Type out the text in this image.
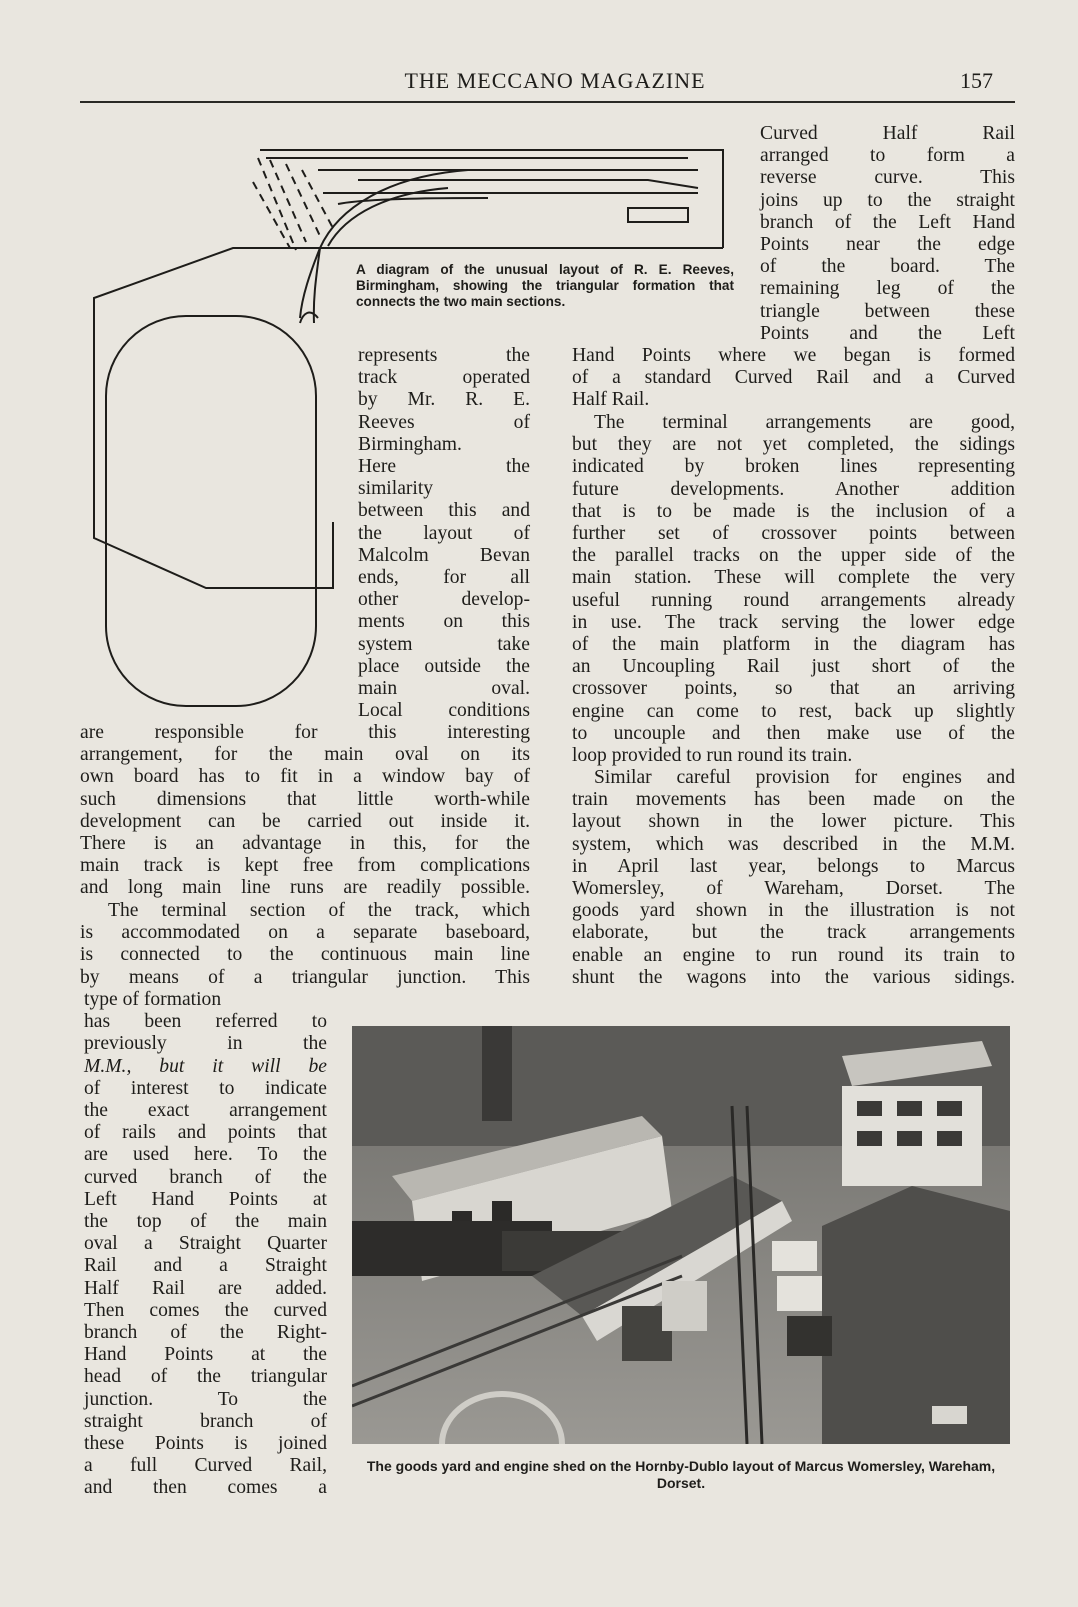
THE MECCANO MAGAZINE	157
A diagram of the unusual layout of R. E. Reeves, Birmingham, showing the triangular formation that connects the two main sections.
represents the
track operated
by Mr. R. E.
Reeves of
Birmingham.
Here the
similarity
between this and
the layout of
Malcolm Bevan
ends, for all
other develop-
ments on this
system take
place outside the
main oval.
Local conditions
are responsible for this interesting
arrangement, for the main oval on its
own board has to fit in a window bay of
such dimensions that little worth-while
development can be carried out inside it.
There is an advantage in this, for the
main track is kept free from complications
and long main line runs are readily possible.
The terminal section of the track, which
is accommodated on a separate baseboard,
is connected to the continuous main line
by means of a triangular junction. This
type of formation
has been referred to
previously in the
M.M., but it will be
of interest to indicate
the exact arrangement
of rails and points that
are used here. To the
curved branch of the
Left Hand Points at
the top of the main
oval a Straight Quarter
Rail and a Straight
Half Rail are added.
Then comes the curved
branch of the Right-
Hand Points at the
head of the triangular
junction. To the
straight branch of
these Points is joined
a full Curved Rail,
and then comes a
Curved Half Rail
arranged to form a
reverse curve. This
joins up to the straight
branch of the Left Hand
Points near the edge
of the board. The
remaining leg of the
triangle between these
Points and the Left
Hand Points where we began is formed
of a standard Curved Rail and a Curved
Half Rail.
The terminal arrangements are good,
but they are not yet completed, the sidings
indicated by broken lines representing
future developments. Another addition
that is to be made is the inclusion of a
further set of crossover points between
the parallel tracks on the upper side of the
main station. These will complete the very
useful running round arrangements already
in use. The track serving the lower edge
of the main platform in the diagram has
an Uncoupling Rail just short of the
crossover points, so that an arriving
engine can come to rest, back up slightly
to uncouple and then make use of the
loop provided to run round its train.
Similar careful provision for engines and
train movements has been made on the
layout shown in the lower picture. This
system, which was described in the M.M.
in April last year, belongs to Marcus
Womersley, of Wareham, Dorset. The
goods yard shown in the illustration is not
elaborate, but the track arrangements
enable an engine to run round its train to
shunt the wagons into the various sidings.
The goods yard and engine shed on the Hornby-Dublo layout of Marcus Womersley, Wareham, Dorset.
